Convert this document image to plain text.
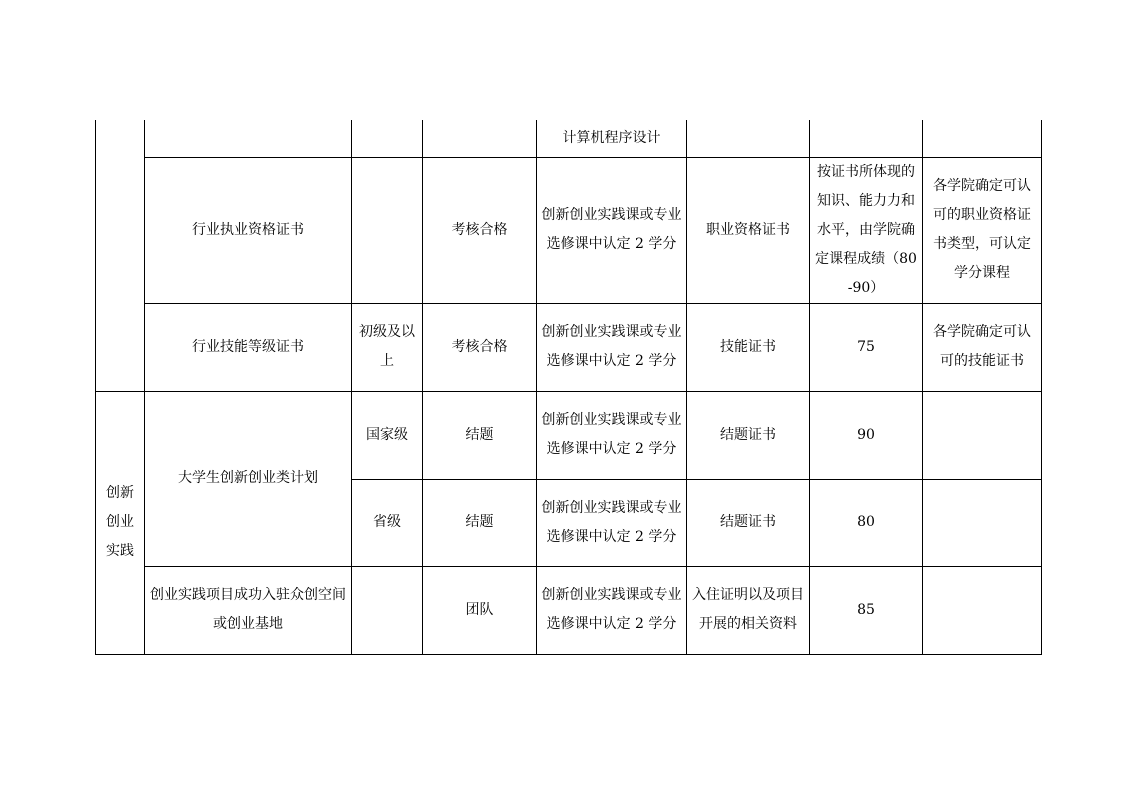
				计算机程序设计			
	行业执业资格证书		考核合格	创新创业实践课或专业选修课中认定 2 学分	职业资格证书	按证书所体现的知识、能力力和水平，由学院确定课程成绩（80-90）	各学院确定可认可的职业资格证书类型，可认定学分课程
	行业技能等级证书	初级及以上	考核合格	创新创业实践课或专业选修课中认定 2 学分	技能证书	75	各学院确定可认可的技能证书
创新创业实践	大学生创新创业类计划	国家级	结题	创新创业实践课或专业选修课中认定 2 学分	结题证书	90	
		省级	结题	创新创业实践课或专业选修课中认定 2 学分	结题证书	80	
	创业实践项目成功入驻众创空间或创业基地		团队	创新创业实践课或专业选修课中认定 2 学分	入住证明以及项目开展的相关资料	85	
